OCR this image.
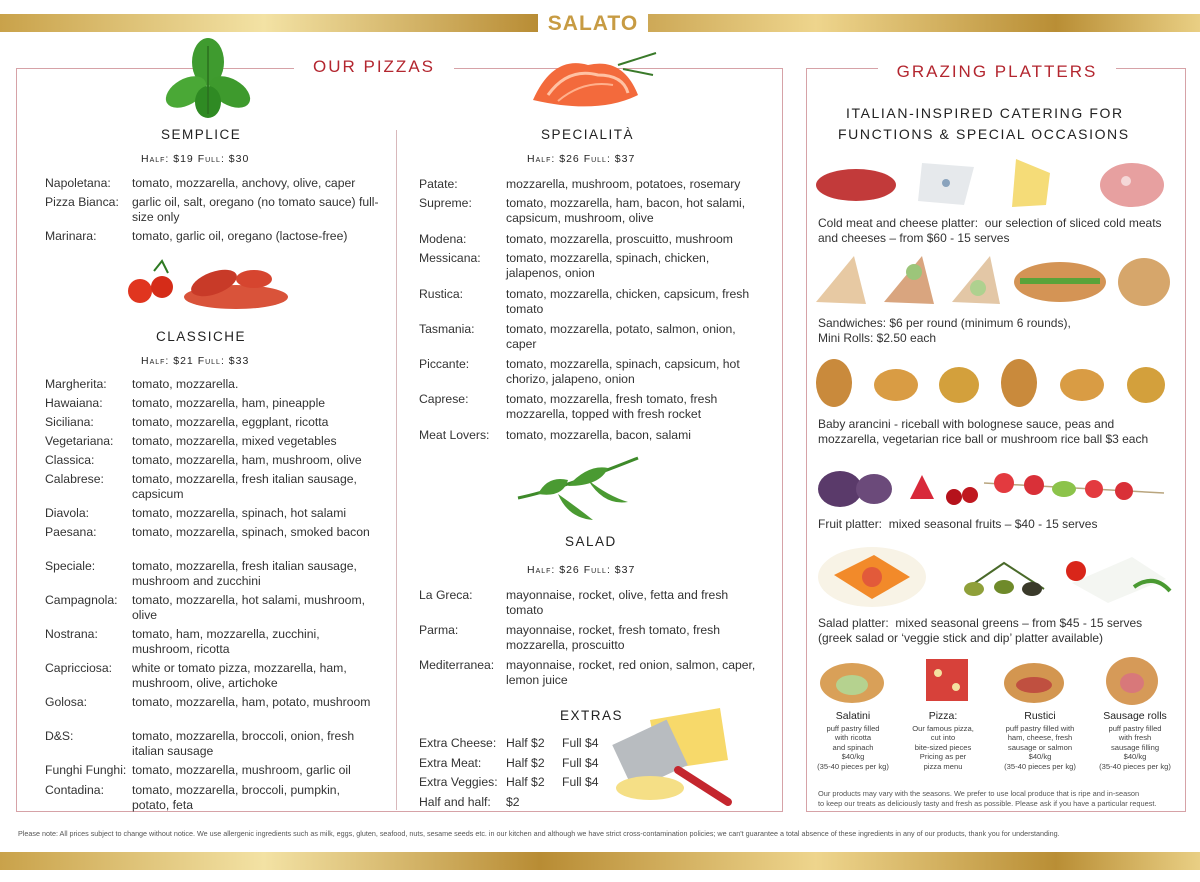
SALATO
OUR PIZZAS	GRAZING PLATTERS
SEMPLICE
Half: $19 Full: $30
Napoletana: tomato, mozzarella, anchovy, olive, caper
Pizza Bianca: garlic oil, salt, oregano (no tomato sauce) full-size only
Marinara:	tomato, garlic oil, oregano (lactose-free)
CLASSICHE
Half: $21 Full: $33
Margherita: tomato, mozzarella.
Hawaiana: tomato, mozzarella, ham, pineapple
Siciliana:	tomato, mozzarella, eggplant, ricotta
Vegetariana: tomato, mozzarella, mixed vegetables
Classica:	tomato, mozzarella, ham, mushroom, olive
Calabrese: tomato, mozzarella, fresh italian sausage, capsicum
Diavola:	tomato, mozzarella, spinach, hot salami
Paesana:	tomato, mozzarella, spinach, smoked bacon
Speciale:	tomato, mozzarella, fresh italian sausage, mushroom and zucchini
Campagnola: tomato, mozzarella, hot salami, mushroom, olive
Nostrana:	tomato, ham, mozzarella, zucchini, mushroom, ricotta
Capricciosa: white or tomato pizza, mozzarella, ham, mushroom, olive, artichoke
Golosa:	tomato, mozzarella, ham, potato, mushroom
D&S:	tomato, mozzarella, broccoli, onion, fresh italian sausage
Funghi Funghi: tomato, mozzarella, mushroom, garlic oil
Contadina: tomato, mozzarella, broccoli, pumpkin, potato, feta
SPECIALITÀ
Half: $26 Full: $37
Patate:	mozzarella, mushroom, potatoes, rosemary
Supreme:	tomato, mozzarella, ham, bacon, hot salami, capsicum, mushroom, olive
Modena:	tomato, mozzarella, proscuitto, mushroom
Messicana: tomato, mozzarella, spinach, chicken, jalapenos, onion
Rustica:	tomato, mozzarella, chicken, capsicum, fresh tomato
Tasmania:	tomato, mozzarella, potato, salmon, onion, caper
Piccante:	tomato, mozzarella, spinach, capsicum, hot chorizo, jalapeno, onion
Caprese:	tomato, mozzarella, fresh tomato, fresh mozzarella, topped with fresh rocket
Meat Lovers: tomato, mozzarella, bacon, salami
SALAD
Half: $26 Full: $37
La Greca:	mayonnaise, rocket, olive, fetta and fresh tomato
Parma:	mayonnaise, rocket, fresh tomato, fresh mozzarella, proscuitto
Mediterranea: mayonnaise, rocket, red onion, salmon, caper, lemon juice
EXTRAS
Extra Cheese: Half $2 Full $4
Extra Meat: Half $2 Full $4
Extra Veggies: Half $2 Full $4
Half and half: $2
ITALIAN-INSPIRED CATERING FOR
FUNCTIONS & SPECIAL OCCASIONS
Cold meat and cheese platter: our selection of sliced cold meats and cheeses – from $60 - 15 serves
Sandwiches: $6 per round (minimum 6 rounds),
Mini Rolls: $2.50 each
Baby arancini - riceball with bolognese sauce, peas and mozzarella, vegetarian rice ball or mushroom rice ball $3 each
Fruit platter: mixed seasonal fruits – $40 - 15 serves
Salad platter: mixed seasonal greens – from $45 - 15 serves
(greek salad or ‘veggie stick and dip’ platter available)
Salatini
puff pastry filled
with ricotta
and spinach
$40/kg
(35-40 pieces per kg)
Pizza:
Our famous pizza,
cut into
bite-sized pieces
Pricing as per
pizza menu
Rustici
puff pastry filled with
ham, cheese, fresh
sausage or salmon
$40/kg
(35-40 pieces per kg)
Sausage rolls
puff pastry filled
with fresh
sausage filling
$40/kg
(35-40 pieces per kg)
Our products may vary with the seasons. We prefer to use local produce that is ripe and in-season
to keep our treats as deliciously tasty and fresh as possible. Please ask if you have a particular request.
Please note: All prices subject to change without notice. We use allergenic ingredients such as milk, eggs, gluten, seafood, nuts, sesame seeds etc. in our kitchen and although we have strict cross-contamination policies; we can't guarantee a total absence of these ingredients in any of our products, thank you for understanding.
